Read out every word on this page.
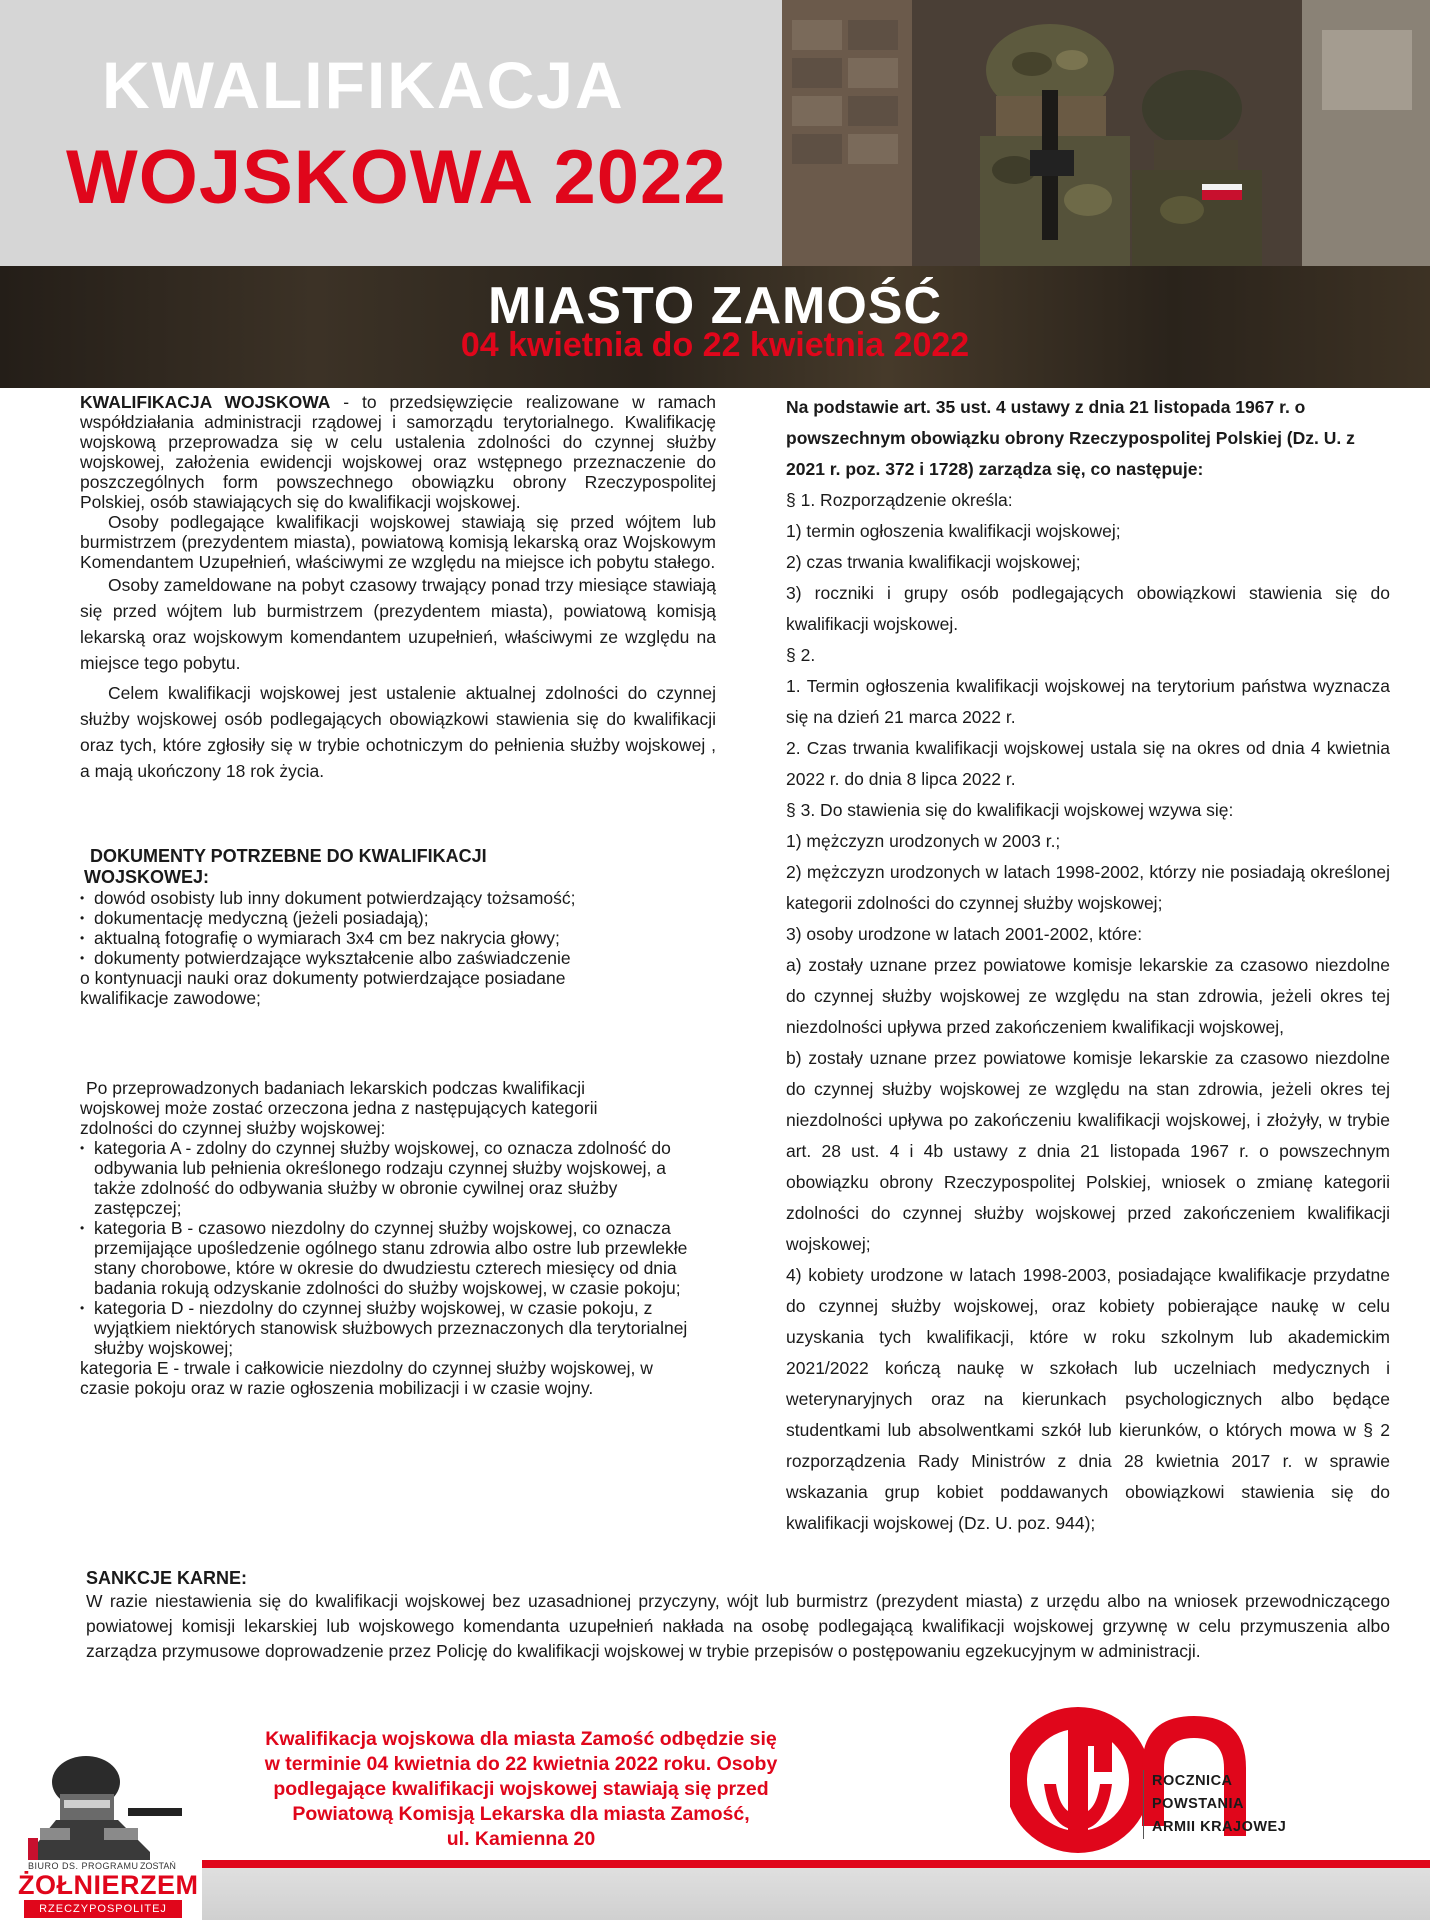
KWALIFIKACJA
WOJSKOWA 2022
MIASTO ZAMOŚĆ
04 kwietnia do 22 kwietnia 2022

KWALIFIKACJA WOJSKOWA - to przedsięwzięcie realizowane w ramach współdziałania administracji rządowej i samorządu terytorialnego. Kwalifikację wojskową przeprowadza się w celu ustalenia zdolności do czynnej służby wojskowej, założenia ewidencji wojskowej oraz wstępnego przeznaczenie do poszczególnych form powszechnego obowiązku obrony Rzeczypospolitej Polskiej, osób stawiających się do kwalifikacji wojskowej.

Osoby podlegające kwalifikacji wojskowej stawiają się przed wójtem lub burmistrzem (prezydentem miasta), powiatową komisją lekarską oraz Wojskowym Komendantem Uzupełnień, właściwymi ze względu na miejsce ich pobytu stałego.

Osoby zameldowane na pobyt czasowy trwający ponad trzy miesiące stawiają się przed wójtem lub burmistrzem (prezydentem miasta), powiatową komisją lekarską oraz wojskowym komendantem uzupełnień, właściwymi ze względu na miejsce tego pobytu.

Celem kwalifikacji wojskowej jest ustalenie aktualnej zdolności do czynnej służby wojskowej osób podlegających obowiązkowi stawienia się do kwalifikacji oraz tych, które zgłosiły się w trybie ochotniczym do pełnienia służby wojskowej , a mają ukończony 18 rok życia.

DOKUMENTY POTRZEBNE DO KWALIFIKACJI
WOJSKOWEJ:
• dowód osobisty lub inny dokument potwierdzający tożsamość;
• dokumentację medyczną (jeżeli posiadają);
• aktualną fotografię o wymiarach 3x4 cm bez nakrycia głowy;
• dokumenty potwierdzające wykształcenie albo zaświadczenie

o kontynuacji nauki oraz dokumenty potwierdzające posiadane kwalifikacje zawodowe;

Po przeprowadzonych badaniach lekarskich podczas kwalifikacji wojskowej może zostać orzeczona jedna z następujących kategorii zdolności do czynnej służby wojskowej:

• kategoria A - zdolny do czynnej służby wojskowej, co oznacza zdolność do odbywania lub pełnienia określonego rodzaju czynnej służby wojskowej, a także zdolność do odbywania służby w obronie cywilnej oraz służby zastępczej;
• kategoria B - czasowo niezdolny do czynnej służby wojskowej, co oznacza przemijające upośledzenie ogólnego stanu zdrowia albo ostre lub przewlekłe stany chorobowe, które w okresie do dwudziestu czterech miesięcy od dnia badania rokują odzyskanie zdolności do służby wojskowej, w czasie pokoju;
• kategoria D - niezdolny do czynnej służby wojskowej, w czasie pokoju, z wyjątkiem niektórych stanowisk służbowych przeznaczonych dla terytorialnej służby wojskowej;

kategoria E - trwale i całkowicie niezdolny do czynnej służby wojskowej, w czasie pokoju oraz w razie ogłoszenia mobilizacji i w czasie wojny.

Na podstawie art. 35 ust. 4 ustawy z dnia 21 listopada 1967 r. o powszechnym obowiązku obrony Rzeczypospolitej Polskiej (Dz. U. z 2021 r. poz. 372 i 1728) zarządza się, co następuje:

§ 1. Rozporządzenie określa:

1) termin ogłoszenia kwalifikacji wojskowej;

2) czas trwania kwalifikacji wojskowej;

3) roczniki i grupy osób podlegających obowiązkowi stawienia się do kwalifikacji wojskowej.

§ 2.

1. Termin ogłoszenia kwalifikacji wojskowej na terytorium państwa wyznacza się na dzień 21 marca 2022 r.

2. Czas trwania kwalifikacji wojskowej ustala się na okres od dnia 4 kwietnia 2022 r. do dnia 8 lipca 2022 r.

§ 3. Do stawienia się do kwalifikacji wojskowej wzywa się:

1) mężczyzn urodzonych w 2003 r.;

2) mężczyzn urodzonych w latach 1998-2002, którzy nie posiadają określonej kategorii zdolności do czynnej służby wojskowej;

3) osoby urodzone w latach 2001-2002, które:

a) zostały uznane przez powiatowe komisje lekarskie za czasowo niezdolne do czynnej służby wojskowej ze względu na stan zdrowia, jeżeli okres tej niezdolności upływa przed zakończeniem kwalifikacji wojskowej,

b) zostały uznane przez powiatowe komisje lekarskie za czasowo niezdolne do czynnej służby wojskowej ze względu na stan zdrowia, jeżeli okres tej niezdolności upływa po zakończeniu kwalifikacji wojskowej, i złożyły, w trybie art. 28 ust. 4 i 4b ustawy z dnia 21 listopada 1967 r. o powszechnym obowiązku obrony Rzeczypospolitej Polskiej, wniosek o zmianę kategorii zdolności do czynnej służby wojskowej przed zakończeniem kwalifikacji wojskowej;

4) kobiety urodzone w latach 1998-2003, posiadające kwalifikacje przydatne do czynnej służby wojskowej, oraz kobiety pobierające naukę w celu uzyskania tych kwalifikacji, które w roku szkolnym lub akademickim 2021/2022 kończą naukę w szkołach lub uczelniach medycznych i weterynaryjnych oraz na kierunkach psychologicznych albo będące studentkami lub absolwentkami szkół lub kierunków, o których mowa w § 2 rozporządzenia Rady Ministrów z dnia 28 kwietnia 2017 r. w sprawie wskazania grup kobiet poddawanych obowiązkowi stawienia się do kwalifikacji wojskowej (Dz. U. poz. 944);

SANKCJE KARNE:

W razie niestawienia się do kwalifikacji wojskowej bez uzasadnionej przyczyny, wójt lub burmistrz (prezydent miasta) z urzędu albo na wniosek przewodniczącego powiatowej komisji lekarskiej lub wojskowego komendanta uzupełnień nakłada na osobę podlegającą kwalifikacji wojskowej grzywnę w celu przymuszenia albo zarządza przymusowe doprowadzenie przez Policję do kwalifikacji wojskowej w trybie przepisów o postępowaniu egzekucyjnym w administracji.

Kwalifikacja wojskowa dla miasta Zamość odbędzie się
w terminie 04 kwietnia do 22 kwietnia 2022 roku. Osoby
podlegające kwalifikacji wojskowej stawiają się przed
Powiatową Komisją Lekarska dla miasta Zamość,
ul. Kamienna 20
BIURO DS. PROGRAMU ZOSTAŃ
ŻOŁNIERZEM
RZECZYPOSPOLITEJ
ROCZNICA
POWSTANIA
ARMII KRAJOWEJ
